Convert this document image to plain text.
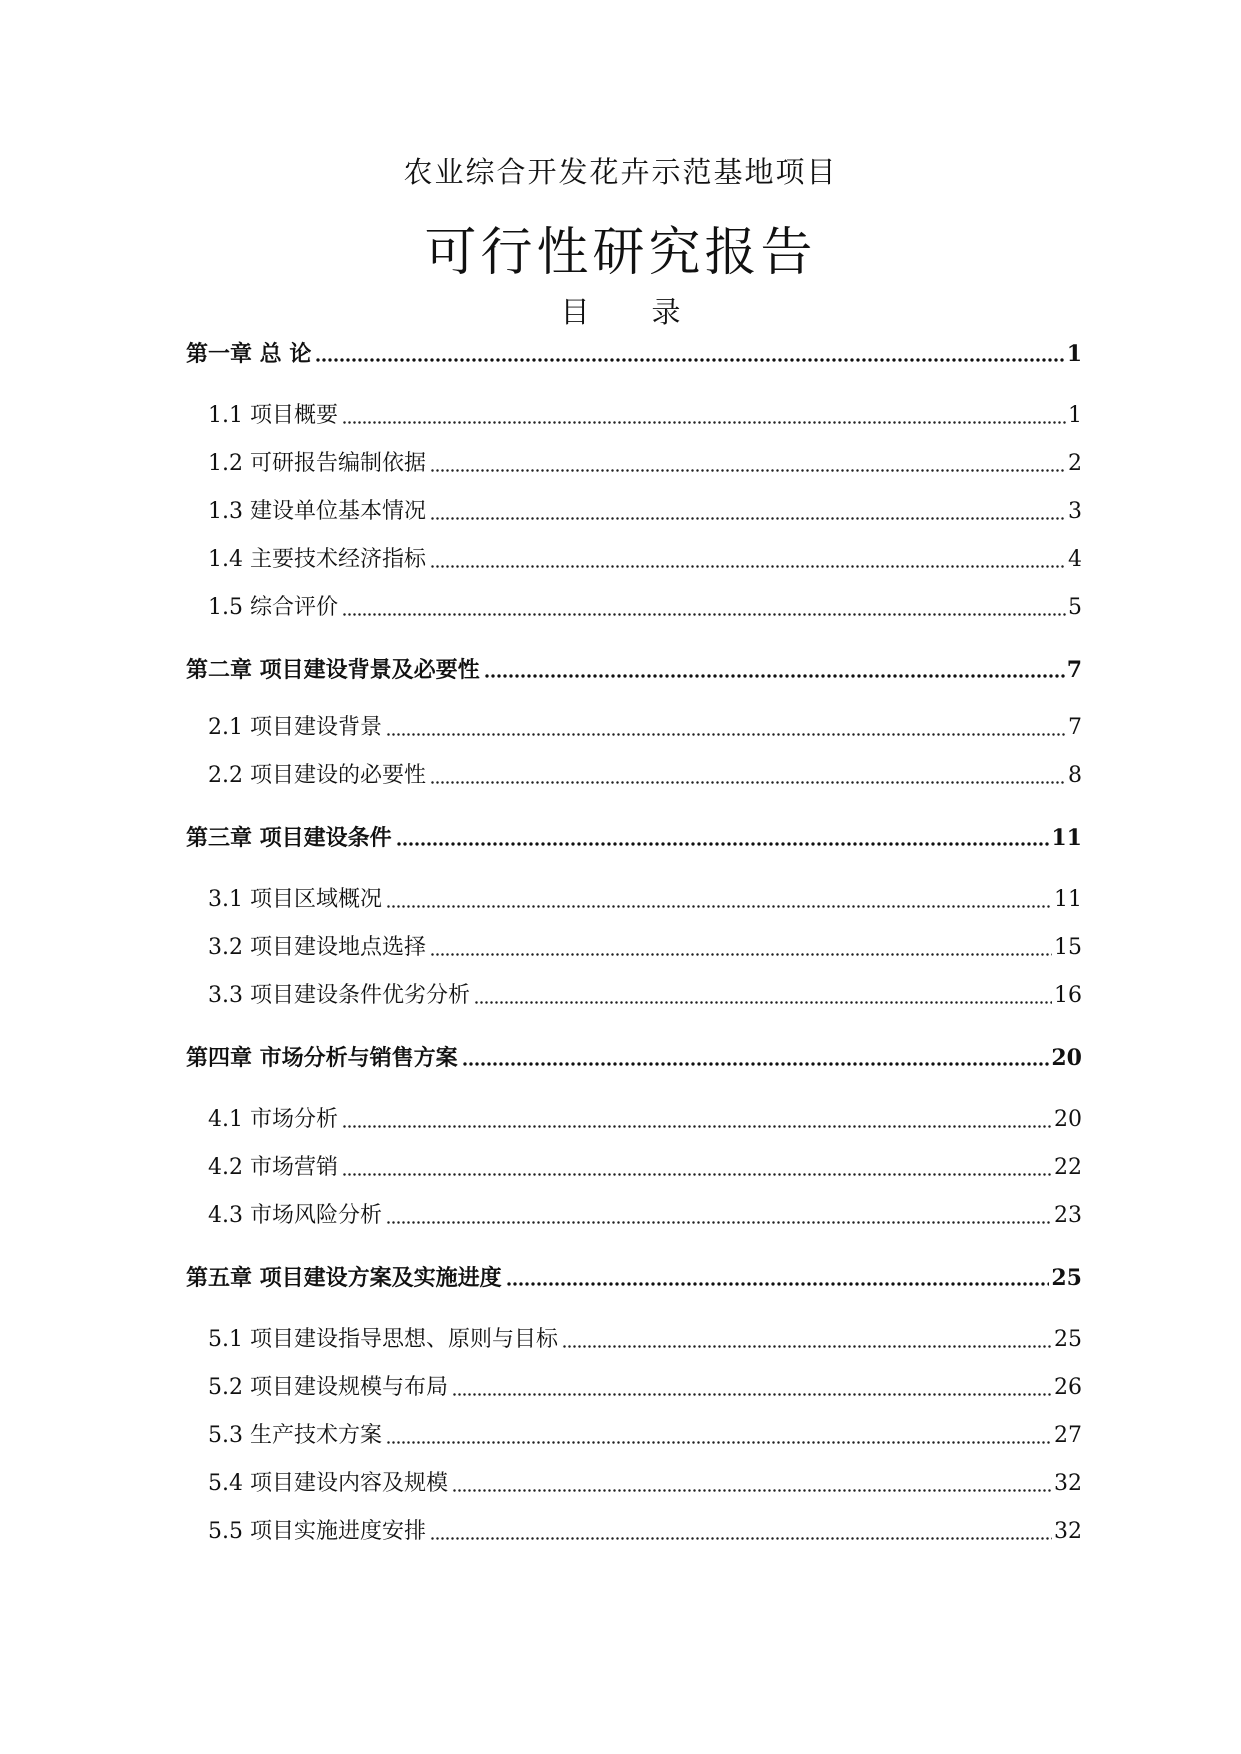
农业综合开发花卉示范基地项目
可行性研究报告
目录
第一章 总 论	1
1.1 项目概要	1
1.2 可研报告编制依据	2
1.3 建设单位基本情况	3
1.4 主要技术经济指标	4
1.5 综合评价	5
第二章 项目建设背景及必要性	7
2.1 项目建设背景	7
2.2 项目建设的必要性	8
第三章 项目建设条件	11
3.1 项目区域概况	11
3.2 项目建设地点选择	15
3.3 项目建设条件优劣分析	16
第四章 市场分析与销售方案	20
4.1 市场分析	20
4.2 市场营销	22
4.3 市场风险分析	23
第五章 项目建设方案及实施进度	25
5.1 项目建设指导思想、原则与目标	25
5.2 项目建设规模与布局	26
5.3 生产技术方案	27
5.4 项目建设内容及规模	32
5.5 项目实施进度安排	32
